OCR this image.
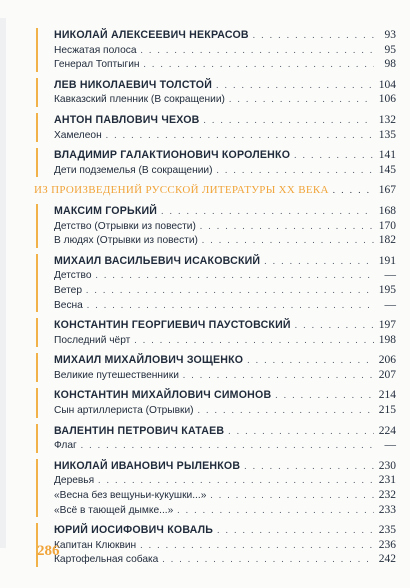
НИКОЛАЙ АЛЕКСЕЕВИЧ НЕКРАСОВ . . .	93
Несжатая полоса . . .	95
Генерал Топтыгин . . .	98
ЛЕВ НИКОЛАЕВИЧ ТОЛСТОЙ . . .	104
Кавказский пленник (В сокращении) . . .	106
АНТОН ПАВЛОВИЧ ЧЕХОВ . . .	132
Хамелеон . . .	135
ВЛАДИМИР ГАЛАКТИОНОВИЧ КОРОЛЕНКО . . .	141
Дети подземелья (В сокращении) . . .	145
ИЗ ПРОИЗВЕДЕНИЙ РУССКОЙ ЛИТЕРАТУРЫ XX ВЕКА . . .	167
МАКСИМ ГОРЬКИЙ . . .	168
Детство (Отрывки из повести) . . .	170
В людях (Отрывки из повести) . . .	182
МИХАИЛ ВАСИЛЬЕВИЧ ИСАКОВСКИЙ . . .	191
Детство . . .	—
Ветер . . .	195
Весна . . .	—
КОНСТАНТИН ГЕОРГИЕВИЧ ПАУСТОВСКИЙ . . .	197
Последний чёрт . . .	198
МИХАИЛ МИХАЙЛОВИЧ ЗОЩЕНКО . . .	206
Великие путешественники . . .	207
КОНСТАНТИН МИХАЙЛОВИЧ СИМОНОВ . . .	214
Сын артиллериста (Отрывки) . . .	215
ВАЛЕНТИН ПЕТРОВИЧ КАТАЕВ . . .	224
Флаг . . .	—
НИКОЛАЙ ИВАНОВИЧ РЫЛЕНКОВ . . .	230
Деревья . . .	231
«Весна без вещуньи-кукушки...» . . .	232
«Всё в тающей дымке...» . . .	233
ЮРИЙ ИОСИФОВИЧ КОВАЛЬ . . .	235
Капитан Клюквин . . .	236
Картофельная собака . . .	242
286
